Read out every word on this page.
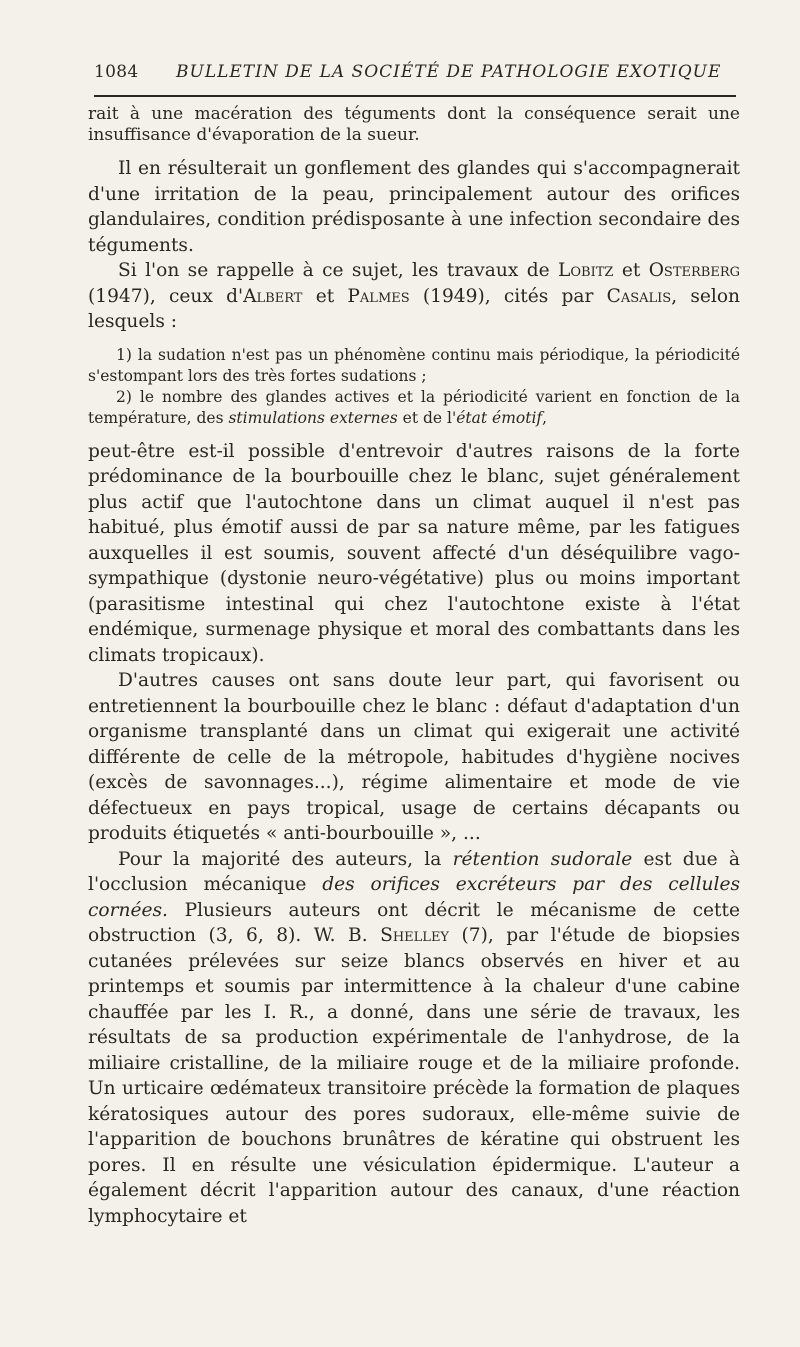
1084 BULLETIN DE LA SOCIÉTÉ DE PATHOLOGIE EXOTIQUE

rait à une macération des téguments dont la conséquence serait une insuffisance d'évaporation de la sueur.

Il en résulterait un gonflement des glandes qui s'accompagnerait d'une irritation de la peau, principalement autour des orifices glandulaires, condition prédisposante à une infection secondaire des téguments.

Si l'on se rappelle à ce sujet, les travaux de Lobitz et Osterberg (1947), ceux d'Albert et Palmes (1949), cités par Casalis, selon lesquels :

1) la sudation n'est pas un phénomène continu mais périodique, la périodicité s'estompant lors des très fortes sudations ;

2) le nombre des glandes actives et la périodicité varient en fonction de la température, des stimulations externes et de l'état émotif,

peut-être est-il possible d'entrevoir d'autres raisons de la forte prédominance de la bourbouille chez le blanc, sujet généralement plus actif que l'autochtone dans un climat auquel il n'est pas habitué, plus émotif aussi de par sa nature même, par les fatigues auxquelles il est soumis, souvent affecté d'un déséquilibre vago-sympathique (dystonie neuro-végétative) plus ou moins important (parasitisme intestinal qui chez l'autochtone existe à l'état endémique, surmenage physique et moral des combattants dans les climats tropicaux).

D'autres causes ont sans doute leur part, qui favorisent ou entretiennent la bourbouille chez le blanc : défaut d'adaptation d'un organisme transplanté dans un climat qui exigerait une activité différente de celle de la métropole, habitudes d'hygiène nocives (excès de savonnages...), régime alimentaire et mode de vie défectueux en pays tropical, usage de certains décapants ou produits étiquetés « anti-bourbouille », ...

Pour la majorité des auteurs, la rétention sudorale est due à l'occlusion mécanique des orifices excréteurs par des cellules cornées. Plusieurs auteurs ont décrit le mécanisme de cette obstruction (3, 6, 8). W. B. Shelley (7), par l'étude de biopsies cutanées prélevées sur seize blancs observés en hiver et au printemps et soumis par intermittence à la chaleur d'une cabine chauffée par les I. R., a donné, dans une série de travaux, les résultats de sa production expérimentale de l'anhydrose, de la miliaire cristalline, de la miliaire rouge et de la miliaire profonde. Un urticaire œdémateux transitoire précède la formation de plaques kératosiques autour des pores sudoraux, elle-même suivie de l'apparition de bouchons brunâtres de kératine qui obstruent les pores. Il en résulte une vésiculation épidermique. L'auteur a également décrit l'apparition autour des canaux, d'une réaction lymphocytaire et
